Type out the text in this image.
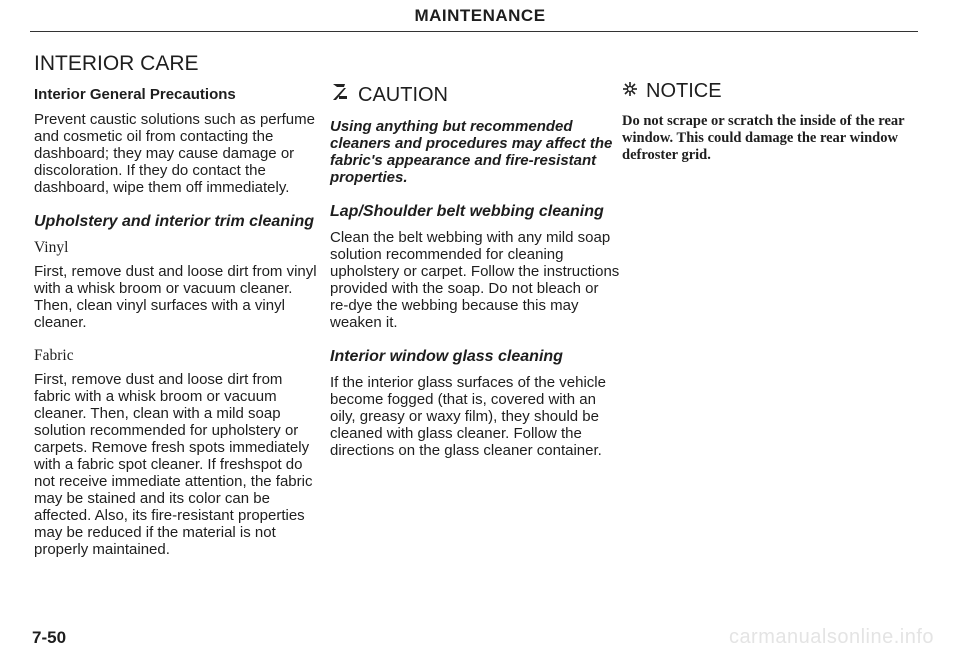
MAINTENANCE
INTERIOR CARE
Interior General Precautions

Prevent caustic solutions such as perfume and cosmetic oil from contacting the dashboard; they may cause damage or discoloration. If they do contact the dashboard, wipe them off immediately.

Upholstery and interior trim cleaning
Vinyl

First, remove dust and loose dirt from vinyl with a whisk broom or vacuum cleaner. Then, clean vinyl surfaces with a vinyl cleaner.

Fabric

First, remove dust and loose dirt from fabric with a whisk broom or vacuum cleaner. Then, clean with a mild soap solution recommended for upholstery or carpets. Remove fresh spots immediately with a fabric spot cleaner. If freshspot do not receive immediate attention, the fabric may be stained and its color can be affected. Also, its fire-resistant properties may be reduced if the material is not properly maintained.

CAUTION

Using anything but recommended cleaners and procedures may affect the fabric's appearance and fire-resistant properties.

Lap/Shoulder belt webbing cleaning

Clean the belt webbing with any mild soap solution recommended for cleaning upholstery or carpet. Follow the instructions provided with the soap. Do not bleach or re-dye the webbing because this may weaken it.

Interior window glass cleaning

If the interior glass surfaces of the vehicle become fogged (that is, covered with an oily, greasy or waxy film), they should be cleaned with glass cleaner. Follow the directions on the glass cleaner container.

NOTICE

Do not scrape or scratch the inside of the rear window. This could damage the rear window defroster grid.

7-50	carmanualsonline.info
